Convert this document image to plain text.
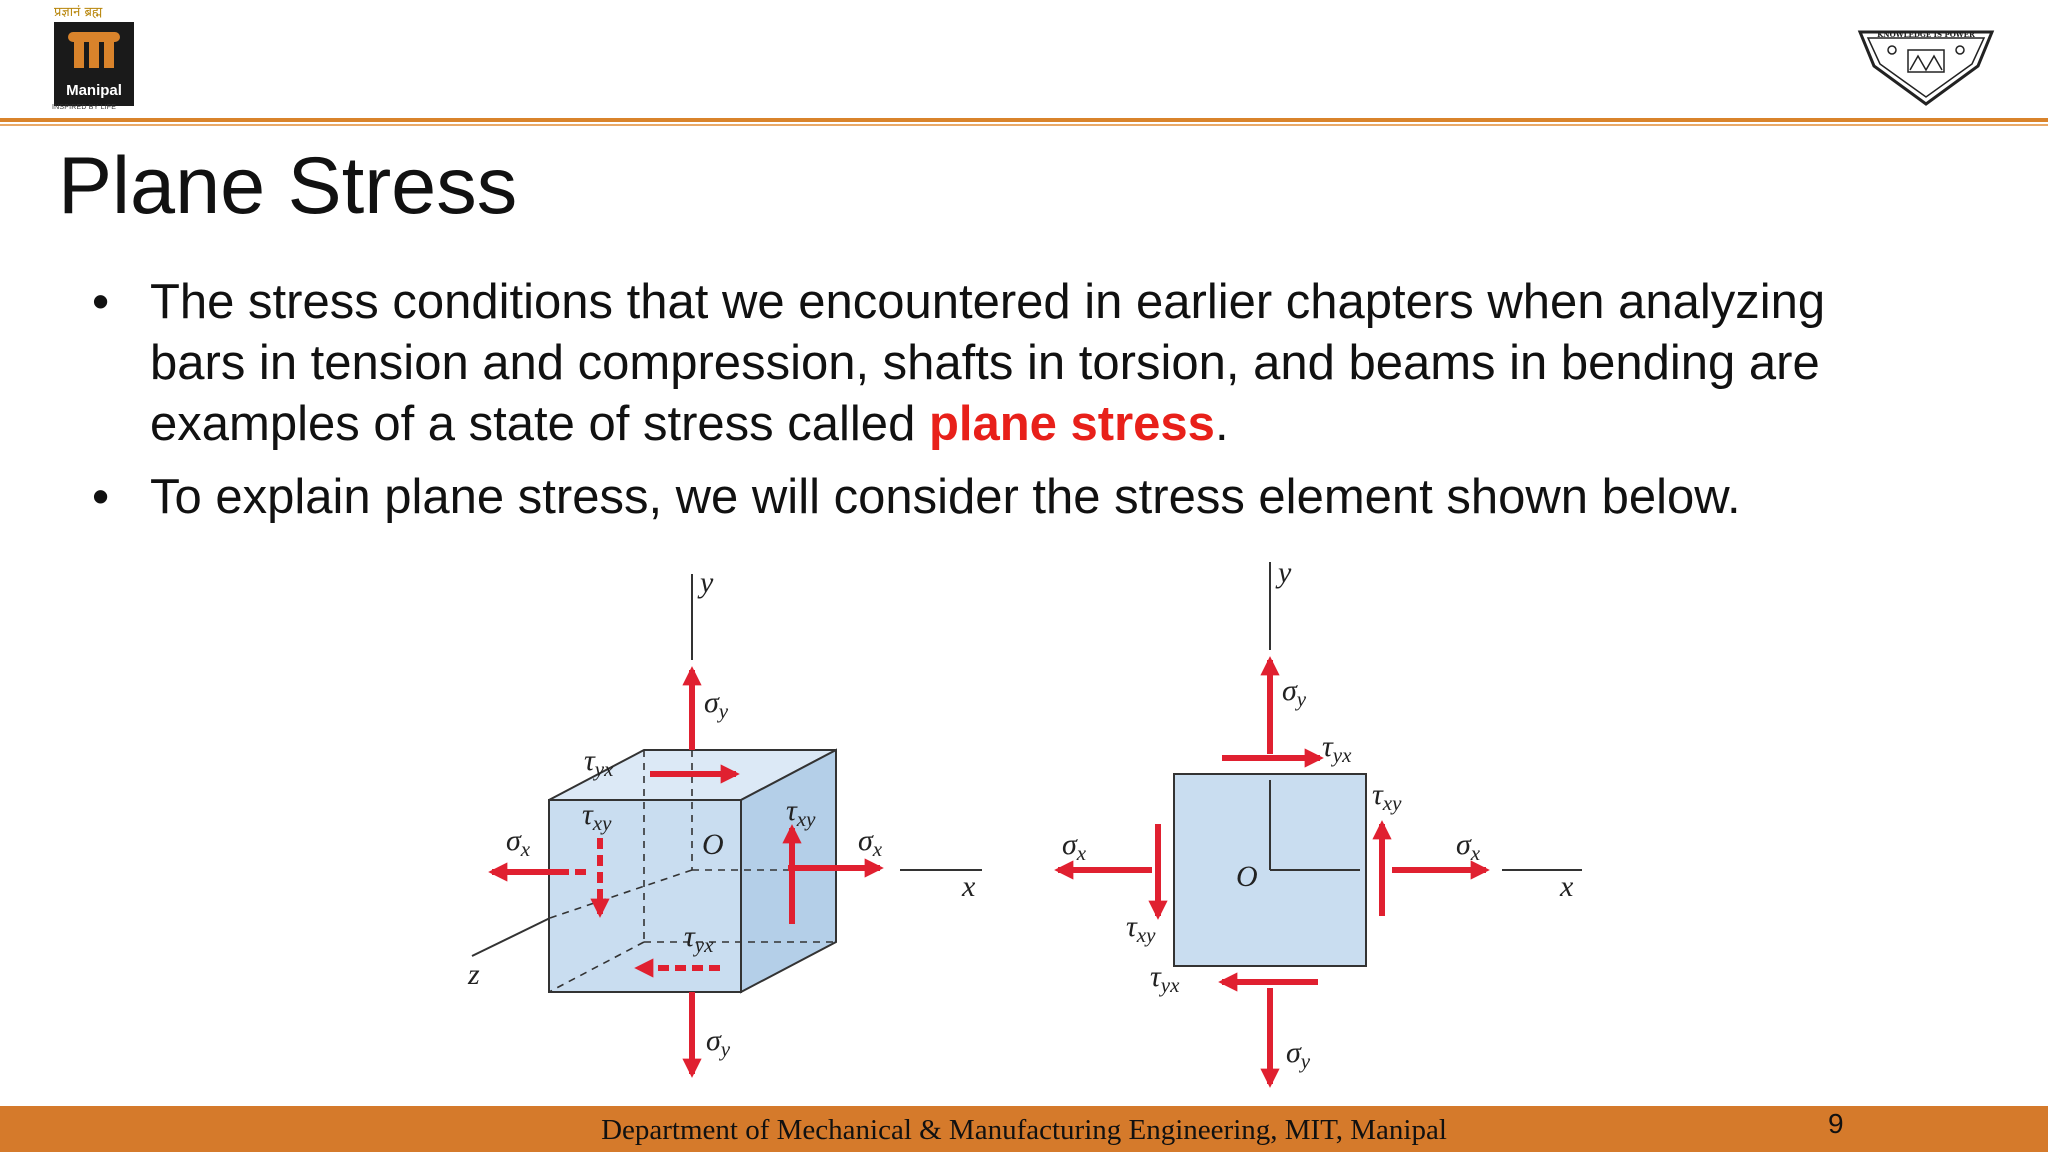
प्रज्ञानं ब्रह्म
Manipal
INSPIRED BY LIFE
KNOWLEDGE IS POWER
Plane Stress
• The stress conditions that we encountered in earlier chapters when analyzing bars in tension and compression, shafts in torsion, and beams in bending are examples of a state of stress called plane stress.
• To explain plane stress, we will consider the stress element shown below.
y
x
z
O
$\sigma_y$
$\sigma_y$
$\sigma_x$	$\sigma_x$
$\tau_{yx}$
$\tau_{xy}$	$\tau_{xy}$
$\tau_{yx}$
y
x
O
$\sigma_y$
$\sigma_y$
$\sigma_x$	$\sigma_x$
$\tau_{yx}$
$\tau_{xy}$
$\tau_{xy}$
$\tau_{yx}$
Department of Mechanical & Manufacturing Engineering, MIT, Manipal	9
